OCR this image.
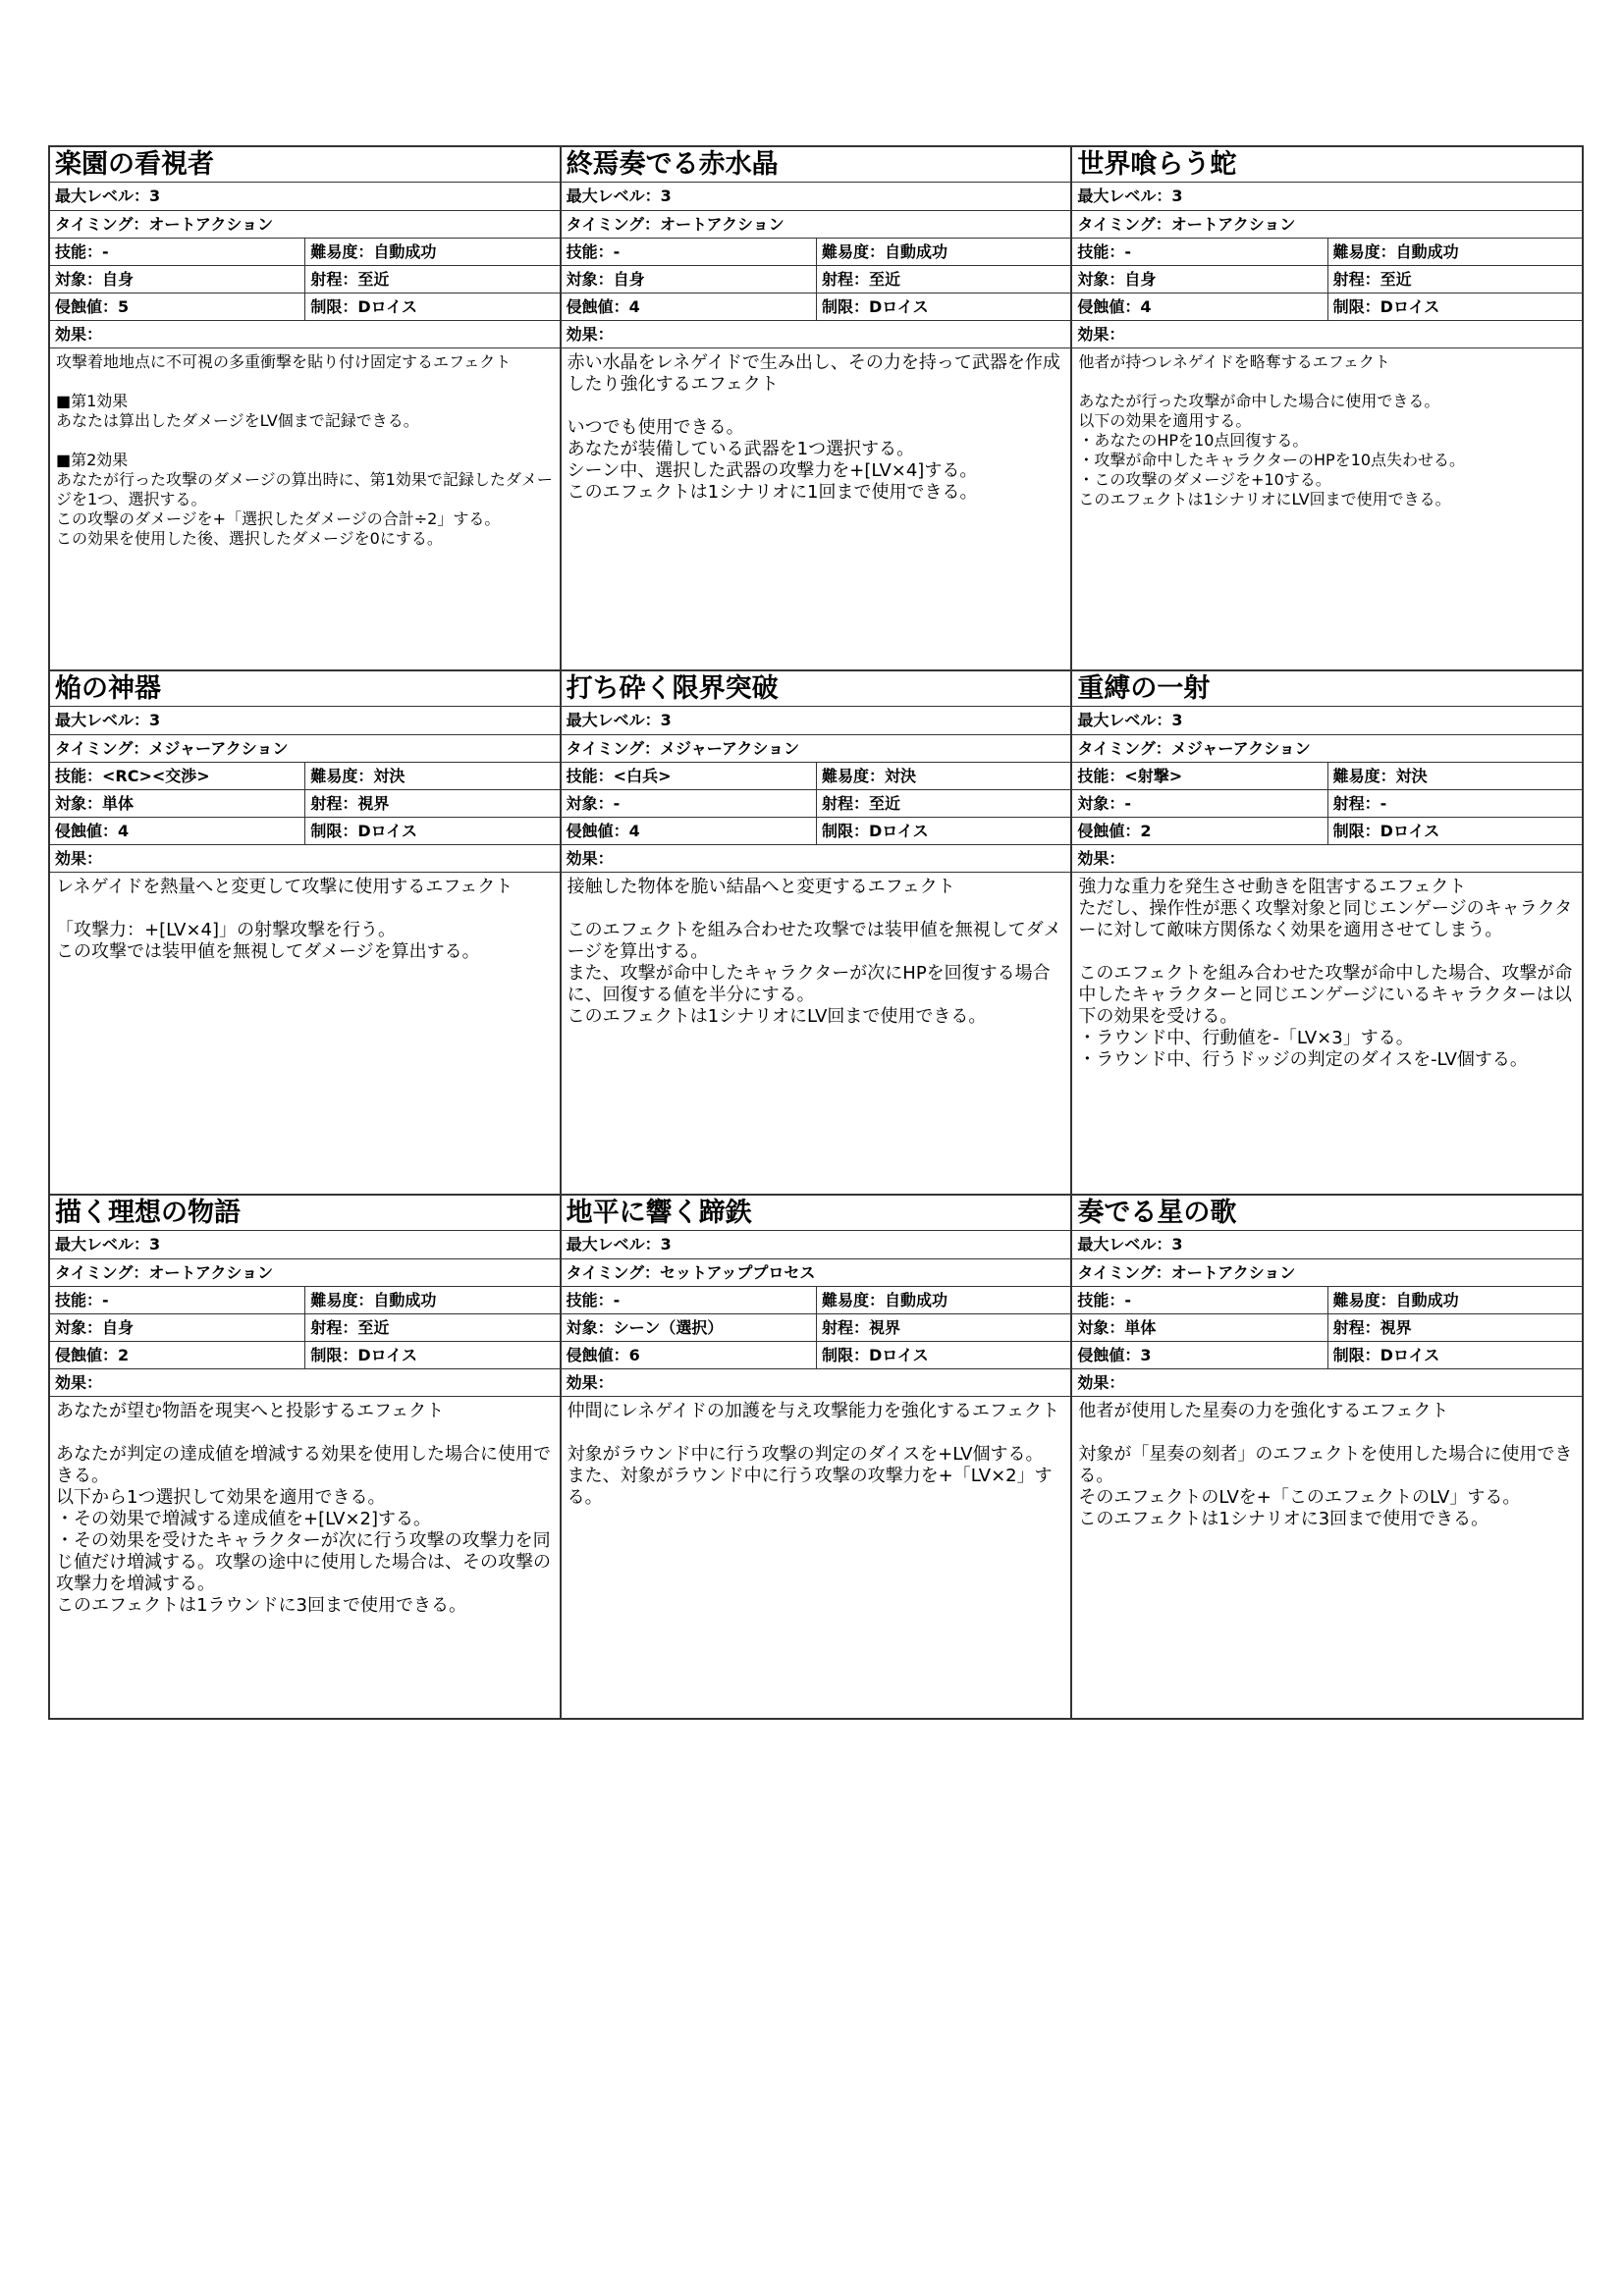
楽園の看視者
最大レベル：3
タイミング：オートアクション
技能：-	難易度：自動成功
対象：自身	射程：至近
侵蝕値：5	制限：Dロイス
効果：
攻撃着地地点に不可視の多重衝撃を貼り付け固定するエフェクト

■第1効果
あなたは算出したダメージをLV個まで記録できる。

■第2効果
あなたが行った攻撃のダメージの算出時に、第1効果で記録したダメージを1つ、選択する。
この攻撃のダメージを+「選択したダメージの合計÷2」する。
この効果を使用した後、選択したダメージを0にする。
終焉奏でる赤水晶
最大レベル：3
タイミング：オートアクション
技能：-	難易度：自動成功
対象：自身	射程：至近
侵蝕値：4	制限：Dロイス
効果：
赤い水晶をレネゲイドで生み出し、その力を持って武器を作成したり強化するエフェクト

いつでも使用できる。
あなたが装備している武器を1つ選択する。
シーン中、選択した武器の攻撃力を+[LV×4]する。
このエフェクトは1シナリオに1回まで使用できる。
世界喰らう蛇
最大レベル：3
タイミング：オートアクション
技能：-	難易度：自動成功
対象：自身	射程：至近
侵蝕値：4	制限：Dロイス
効果：
他者が持つレネゲイドを略奪するエフェクト

あなたが行った攻撃が命中した場合に使用できる。
以下の効果を適用する。
・あなたのHPを10点回復する。
・攻撃が命中したキャラクターのHPを10点失わせる。
・この攻撃のダメージを+10する。
このエフェクトは1シナリオにLV回まで使用できる。
焔の神器
最大レベル：3
タイミング：メジャーアクション
技能：<RC><交渉>	難易度：対決
対象：単体	射程：視界
侵蝕値：4	制限：Dロイス
効果：
レネゲイドを熱量へと変更して攻撃に使用するエフェクト

「攻撃力：+[LV×4]」の射撃攻撃を行う。
この攻撃では装甲値を無視してダメージを算出する。
打ち砕く限界突破
最大レベル：3
タイミング：メジャーアクション
技能：<白兵>	難易度：対決
対象：-	射程：至近
侵蝕値：4	制限：Dロイス
効果：
接触した物体を脆い結晶へと変更するエフェクト

このエフェクトを組み合わせた攻撃では装甲値を無視してダメージを算出する。
また、攻撃が命中したキャラクターが次にHPを回復する場合に、回復する値を半分にする。
このエフェクトは1シナリオにLV回まで使用できる。
重縛の一射
最大レベル：3
タイミング：メジャーアクション
技能：<射撃>	難易度：対決
対象：-	射程：-
侵蝕値：2	制限：Dロイス
効果：
強力な重力を発生させ動きを阻害するエフェクト
ただし、操作性が悪く攻撃対象と同じエンゲージのキャラクターに対して敵味方関係なく効果を適用させてしまう。

このエフェクトを組み合わせた攻撃が命中した場合、攻撃が命中したキャラクターと同じエンゲージにいるキャラクターは以下の効果を受ける。
・ラウンド中、行動値を-「LV×3」する。
・ラウンド中、行うドッジの判定のダイスを-LV個する。
描く理想の物語
最大レベル：3
タイミング：オートアクション
技能：-	難易度：自動成功
対象：自身	射程：至近
侵蝕値：2	制限：Dロイス
効果：
あなたが望む物語を現実へと投影するエフェクト

あなたが判定の達成値を増減する効果を使用した場合に使用できる。
以下から1つ選択して効果を適用できる。
・その効果で増減する達成値を+[LV×2]する。
・その効果を受けたキャラクターが次に行う攻撃の攻撃力を同じ値だけ増減する。攻撃の途中に使用した場合は、その攻撃の攻撃力を増減する。
このエフェクトは1ラウンドに3回まで使用できる。
地平に響く蹄鉄
最大レベル：3
タイミング：セットアッププロセス
技能：-	難易度：自動成功
対象：シーン（選択）	射程：視界
侵蝕値：6	制限：Dロイス
効果：
仲間にレネゲイドの加護を与え攻撃能力を強化するエフェクト

対象がラウンド中に行う攻撃の判定のダイスを+LV個する。
また、対象がラウンド中に行う攻撃の攻撃力を+「LV×2」する。
奏でる星の歌
最大レベル：3
タイミング：オートアクション
技能：-	難易度：自動成功
対象：単体	射程：視界
侵蝕値：3	制限：Dロイス
効果：
他者が使用した星奏の力を強化するエフェクト

対象が「星奏の刻者」のエフェクトを使用した場合に使用できる。
そのエフェクトのLVを+「このエフェクトのLV」する。
このエフェクトは1シナリオに3回まで使用できる。
